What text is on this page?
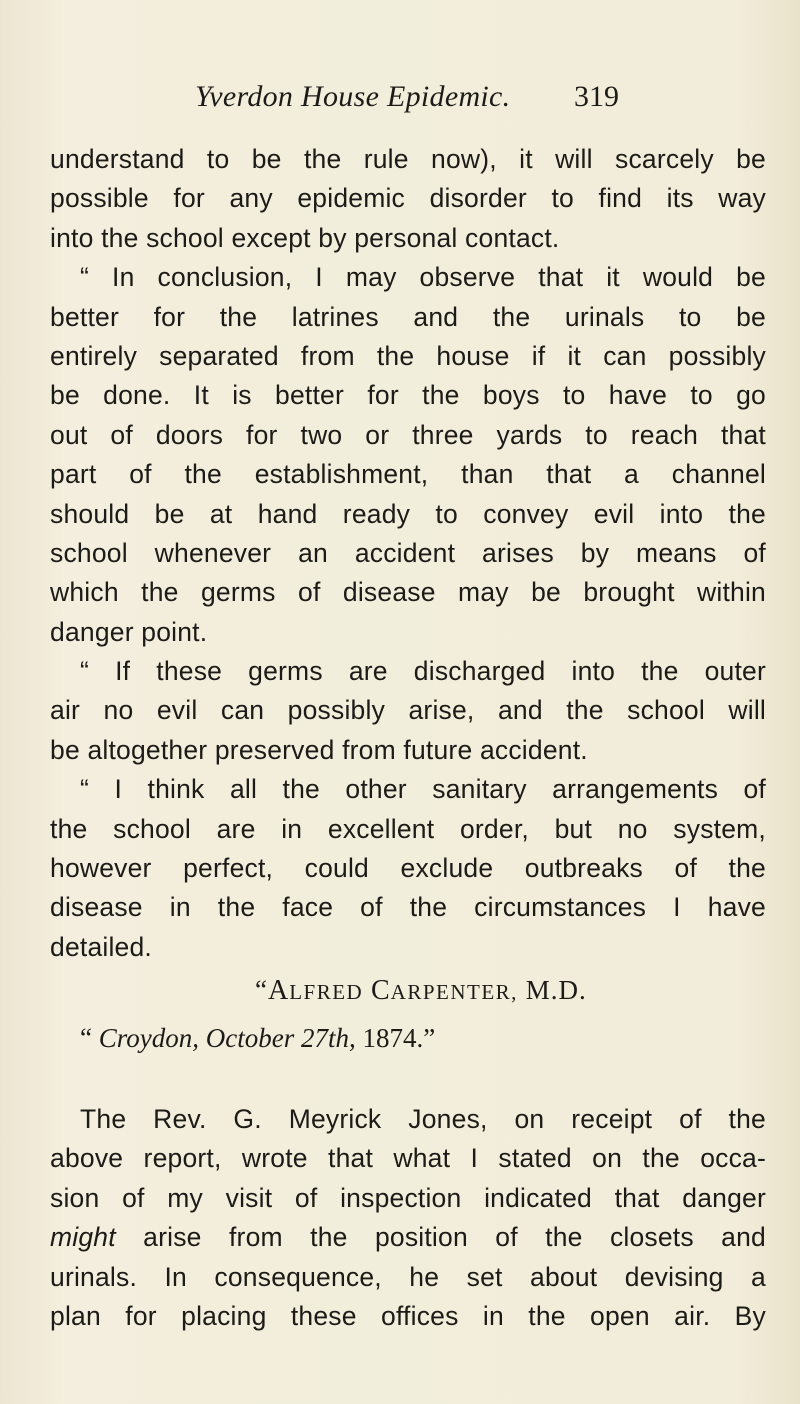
Yverdon House Epidemic. 319
understand to be the rule now), it will scarcely be
possible for any epidemic disorder to find its way
into the school except by personal contact.
“ In conclusion, I may observe that it would be
better for the latrines and the urinals to be
entirely separated from the house if it can possibly
be done. It is better for the boys to have to go
out of doors for two or three yards to reach that
part of the establishment, than that a channel
should be at hand ready to convey evil into the
school whenever an accident arises by means of
which the germs of disease may be brought within
danger point.
“ If these germs are discharged into the outer
air no evil can possibly arise, and the school will
be altogether preserved from future accident.
“ I think all the other sanitary arrangements of
the school are in excellent order, but no system,
however perfect, could exclude outbreaks of the
disease in the face of the circumstances I have
detailed.
“ALFRED CARPENTER, M.D.
“ Croydon, October 27th, 1874.”
The Rev. G. Meyrick Jones, on receipt of the
above report, wrote that what I stated on the occa-
sion of my visit of inspection indicated that danger
might arise from the position of the closets and
urinals. In consequence, he set about devising a
plan for placing these offices in the open air. By
